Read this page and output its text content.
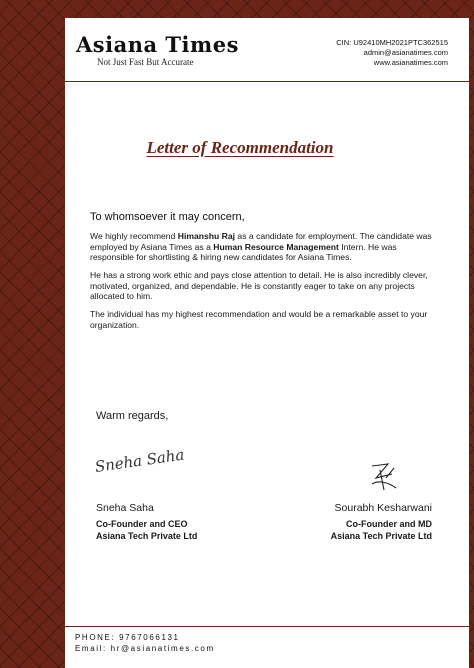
Asiana Times
Not Just Fast But Accurate
CIN: U92410MH2021PTC362515
admin@asianatimes.com
www.asianatimes.com
Letter of Recommendation
To whomsoever it may concern,

We highly recommend Himanshu Raj as a candidate for employment. The candidate was employed by Asiana Times as a Human Resource Management Intern. He was responsible for shortlisting & hiring new candidates for Asiana Times.

He has a strong work ethic and pays close attention to detail. He is also incredibly clever, motivated, organized, and dependable. He is constantly eager to take on any projects allocated to him.

The individual has my highest recommendation and would be a remarkable asset to your organization.

Warm regards,
Sneha Saha
Sneha Saha
Co-Founder and CEO
Asiana Tech Private Ltd
Sourabh Kesharwani
Co-Founder and MD
Asiana Tech Private Ltd
PHONE: 9767066131
Email: hr@asianatimes.com
